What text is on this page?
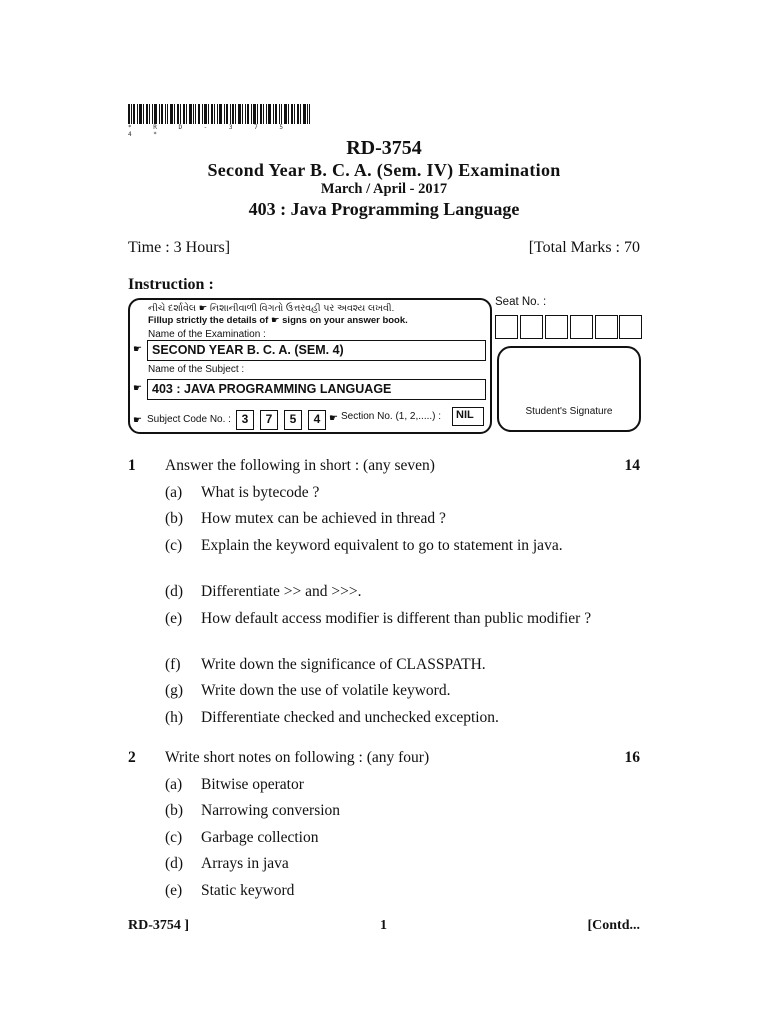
* R D - 3 7 5 4 *
RD-3754
Second Year B. C. A. (Sem. IV) Examination
March / April - 2017
403 : Java Programming Language
Time : 3 Hours]	[Total Marks : 70
Instruction :
નીચે દર્શાવેલ ☛ નિશાનીવાળી વિગતો ઉત્તરવહી પર અવશ્ય લખવી.
Fillup strictly the details of ☛ signs on your answer book.
Name of the Examination :
☛ SECOND YEAR B. C. A. (SEM. 4)
Name of the Subject :
☛ 403 : JAVA PROGRAMMING LANGUAGE
☛ Subject Code No. : 3	7	5	4 ☛ Section No. (1, 2,.....) :	NIL
Seat No. :
Student's Signature
1 Answer the following in short : (any seven)	14
(a) What is bytecode ?
(b) How mutex can be achieved in thread ?
(c) Explain the keyword equivalent to go to statement in java.
(d) Differentiate >> and >>>.
(e) How default access modifier is different than public modifier ?
(f) Write down the significance of CLASSPATH.
(g) Write down the use of volatile keyword.
(h) Differentiate checked and unchecked exception.
2 Write short notes on following : (any four)	16
(a) Bitwise operator
(b) Narrowing conversion
(c) Garbage collection
(d) Arrays in java
(e) Static keyword
RD-3754 ]	1	[Contd...
